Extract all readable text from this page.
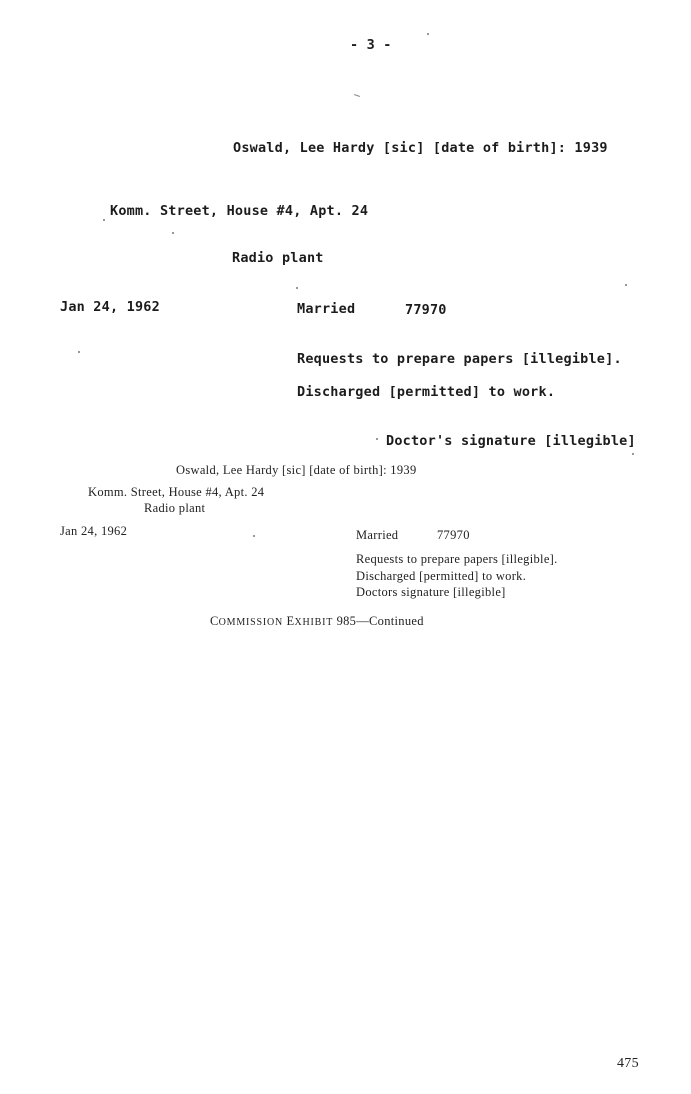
- 3 -
Oswald, Lee Hardy [sic] [date of birth]: 1939
Komm. Street, House #4, Apt. 24
Radio plant
Jan 24, 1962	Married	77970
Requests to prepare papers [illegible].
Discharged [permitted] to work.
Doctor's signature [illegible]
Oswald, Lee Hardy [sic] [date of birth]: 1939
Komm. Street, House #4, Apt. 24
Radio plant
Jan 24, 1962	Married	77970
Requests to prepare papers [illegible].
Discharged [permitted] to work.
Doctors signature [illegible]
COMMISSION EXHIBIT 985—Continued
475
